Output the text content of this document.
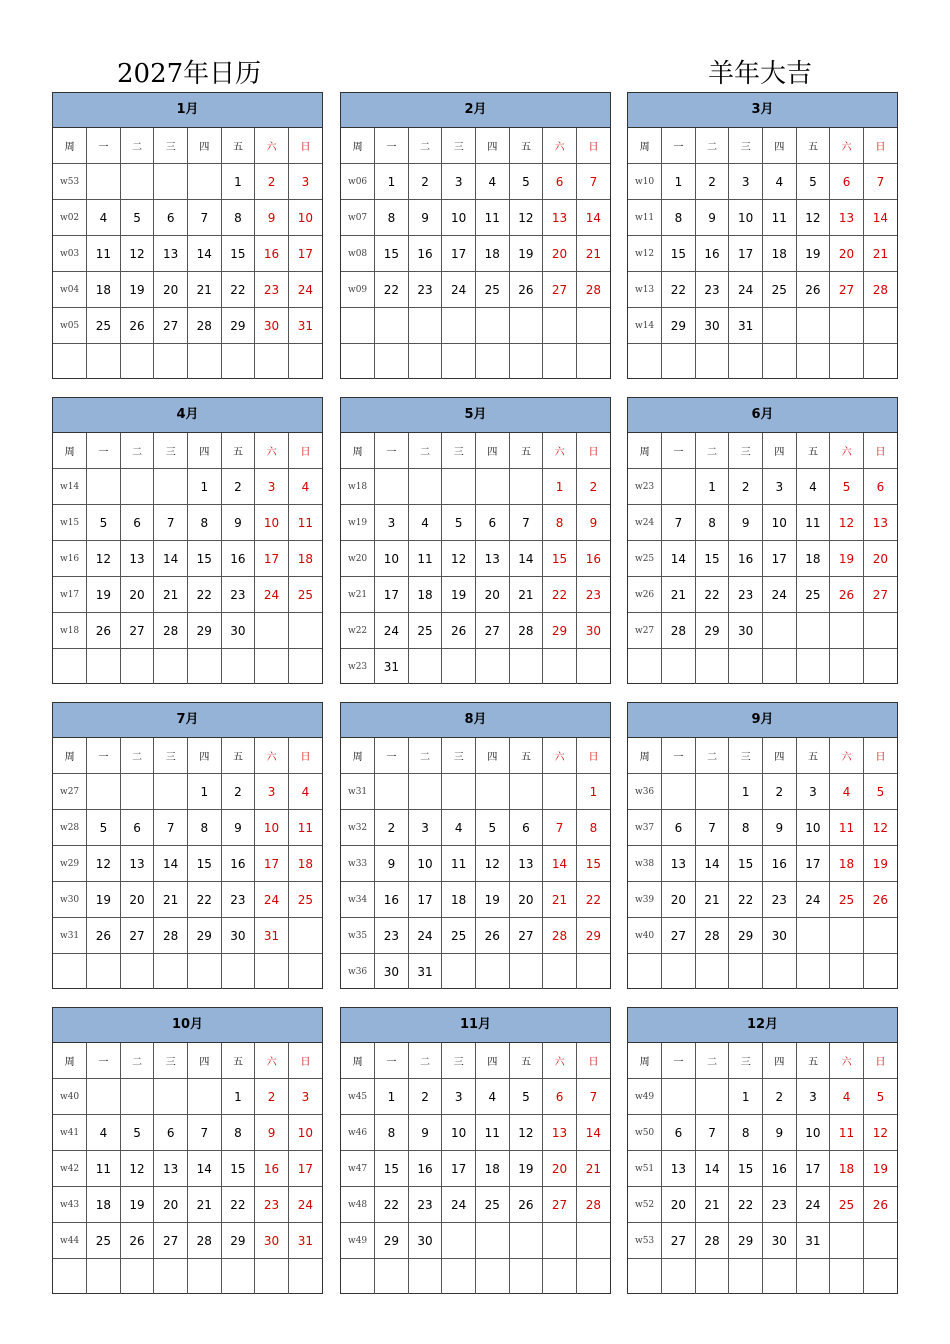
2027年日历	羊年大吉
1月
周	一	二	三	四	五	六	日
w53					1	2	3
w02	4	5	6	7	8	9	10
w03	11	12	13	14	15	16	17
w04	18	19	20	21	22	23	24
w05	25	26	27	28	29	30	31

2月
周	一	二	三	四	五	六	日
w06	1	2	3	4	5	6	7
w07	8	9	10	11	12	13	14
w08	15	16	17	18	19	20	21
w09	22	23	24	25	26	27	28

3月
周	一	二	三	四	五	六	日
w10	1	2	3	4	5	6	7
w11	8	9	10	11	12	13	14
w12	15	16	17	18	19	20	21
w13	22	23	24	25	26	27	28
w14	29	30	31				

4月
周	一	二	三	四	五	六	日
w14				1	2	3	4
w15	5	6	7	8	9	10	11
w16	12	13	14	15	16	17	18
w17	19	20	21	22	23	24	25
w18	26	27	28	29	30		

5月
周	一	二	三	四	五	六	日
w18						1	2
w19	3	4	5	6	7	8	9
w20	10	11	12	13	14	15	16
w21	17	18	19	20	21	22	23
w22	24	25	26	27	28	29	30
w23	31						
6月
周	一	二	三	四	五	六	日
w23		1	2	3	4	5	6
w24	7	8	9	10	11	12	13
w25	14	15	16	17	18	19	20
w26	21	22	23	24	25	26	27
w27	28	29	30				

7月
周	一	二	三	四	五	六	日
w27				1	2	3	4
w28	5	6	7	8	9	10	11
w29	12	13	14	15	16	17	18
w30	19	20	21	22	23	24	25
w31	26	27	28	29	30	31	

8月
周	一	二	三	四	五	六	日
w31							1
w32	2	3	4	5	6	7	8
w33	9	10	11	12	13	14	15
w34	16	17	18	19	20	21	22
w35	23	24	25	26	27	28	29
w36	30	31					
9月
周	一	二	三	四	五	六	日
w36			1	2	3	4	5
w37	6	7	8	9	10	11	12
w38	13	14	15	16	17	18	19
w39	20	21	22	23	24	25	26
w40	27	28	29	30			

10月
周	一	二	三	四	五	六	日
w40					1	2	3
w41	4	5	6	7	8	9	10
w42	11	12	13	14	15	16	17
w43	18	19	20	21	22	23	24
w44	25	26	27	28	29	30	31

11月
周	一	二	三	四	五	六	日
w45	1	2	3	4	5	6	7
w46	8	9	10	11	12	13	14
w47	15	16	17	18	19	20	21
w48	22	23	24	25	26	27	28
w49	29	30					

12月
周	一	二	三	四	五	六	日
w49			1	2	3	4	5
w50	6	7	8	9	10	11	12
w51	13	14	15	16	17	18	19
w52	20	21	22	23	24	25	26
w53	27	28	29	30	31		
